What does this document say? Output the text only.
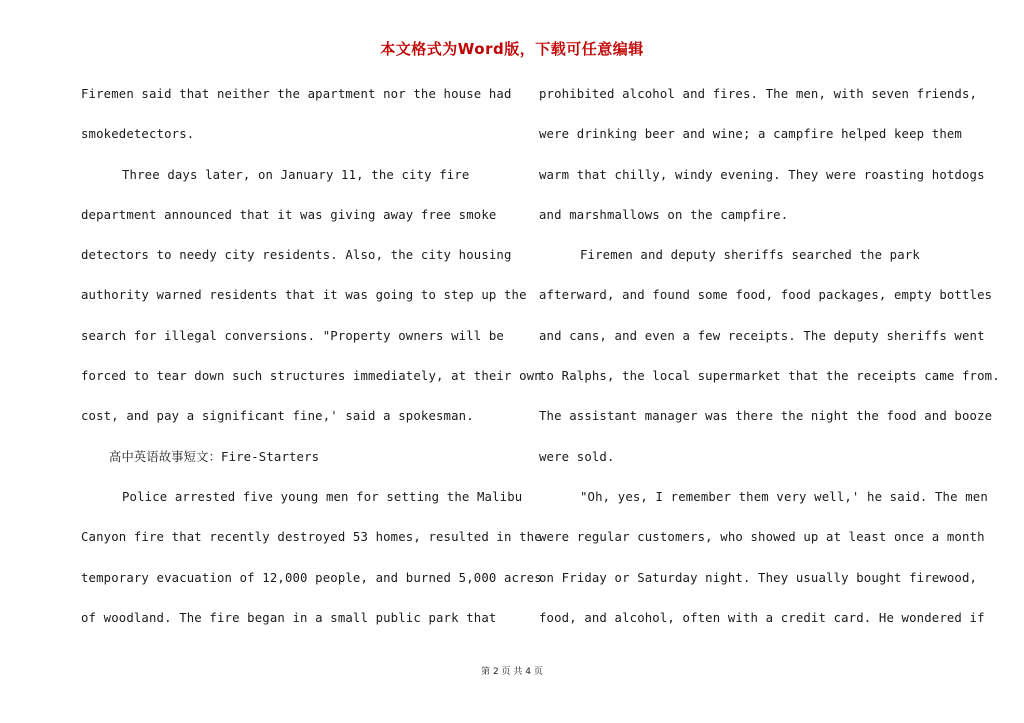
本文格式为Word版，下载可任意编辑
Firemen said that neither the apartment nor the house had
smokedetectors.
Three days later, on January 11, the city fire
department announced that it was giving away free smoke
detectors to needy city residents. Also, the city housing
authority warned residents that it was going to step up the
search for illegal conversions. "Property owners will be
forced to tear down such structures immediately, at their own
cost, and pay a significant fine,' said a spokesman.
高中英语故事短文：Fire-Starters
Police arrested five young men for setting the Malibu
Canyon fire that recently destroyed 53 homes, resulted in the
temporary evacuation of 12,000 people, and burned 5,000 acres
of woodland. The fire began in a small public park that
prohibited alcohol and fires. The men, with seven friends,
were drinking beer and wine; a campfire helped keep them
warm that chilly, windy evening. They were roasting hotdogs
and marshmallows on the campfire.
Firemen and deputy sheriffs searched the park
afterward, and found some food, food packages, empty bottles
and cans, and even a few receipts. The deputy sheriffs went
to Ralphs, the local supermarket that the receipts came from.
The assistant manager was there the night the food and booze
were sold.
"Oh, yes, I remember them very well,' he said. The men
were regular customers, who showed up at least once a month
on Friday or Saturday night. They usually bought firewood,
food, and alcohol, often with a credit card. He wondered if
第 2 页 共 4 页
